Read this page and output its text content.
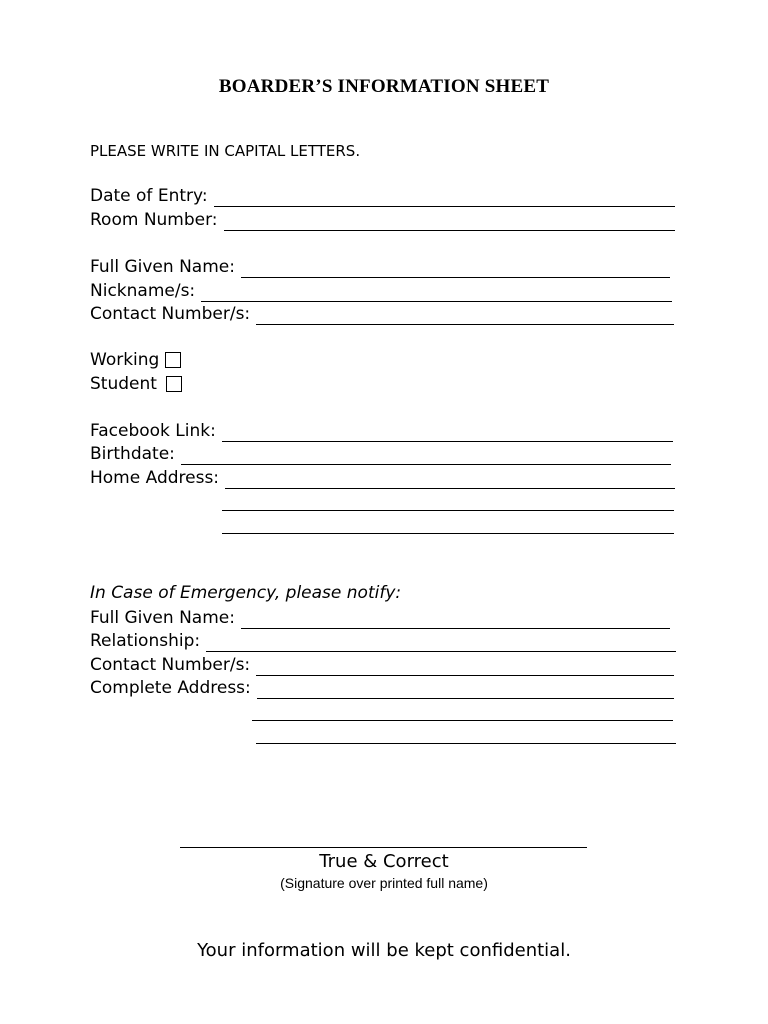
BOARDER’S INFORMATION SHEET
PLEASE WRITE IN CAPITAL LETTERS.
Date of Entry:
Room Number:
Full Given Name:
Nickname/s:
Contact Number/s:
Working
Student
Facebook Link:
Birthdate:
Home Address:
In Case of Emergency, please notify:
Full Given Name:
Relationship:
Contact Number/s:
Complete Address:
True & Correct
(Signature over printed full name)
Your information will be kept confidential.
